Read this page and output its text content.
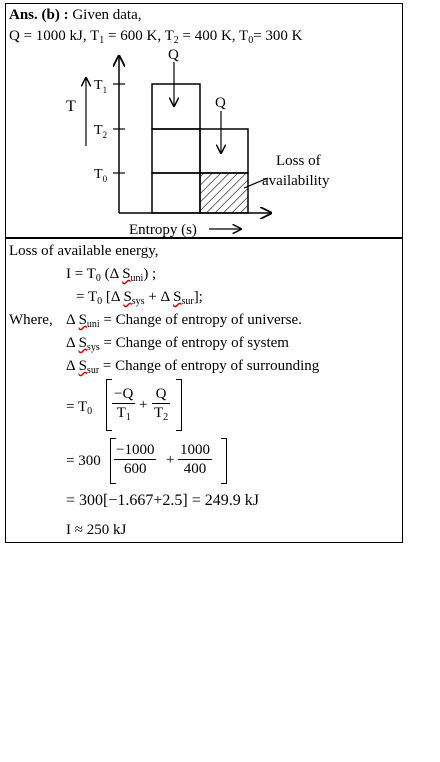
Ans. (b) : Given data,
Q = 1000 kJ, $T_1 = 600$ K, $T_2 = 400$ K, $T_0= 300$ K
T
$T_1$
$T_2$
$T_0$
Q
Q
Loss of
availability
Entropy (s)
Loss of available energy,
$I = T_0$ (Δ $S_{uni}$) ;
= $T_0$ [Δ $S_{sys} + \Delta$ $S_{sur}$];
Where, Δ $S_{uni}$ = Change of entropy of universe.
Δ $S_{sys}$ = Change of entropy of system
Δ $S_{sur}$ = Change of entropy of surrounding
= $T_0 \frac{-Q}{T_1} + \frac{Q}{T_2}$
= $300 \frac{-1000}{600} + \frac{1000}{400}$
= 300[−1.667+2.5] = 249.9 kJ
I ≈ 250 kJ
